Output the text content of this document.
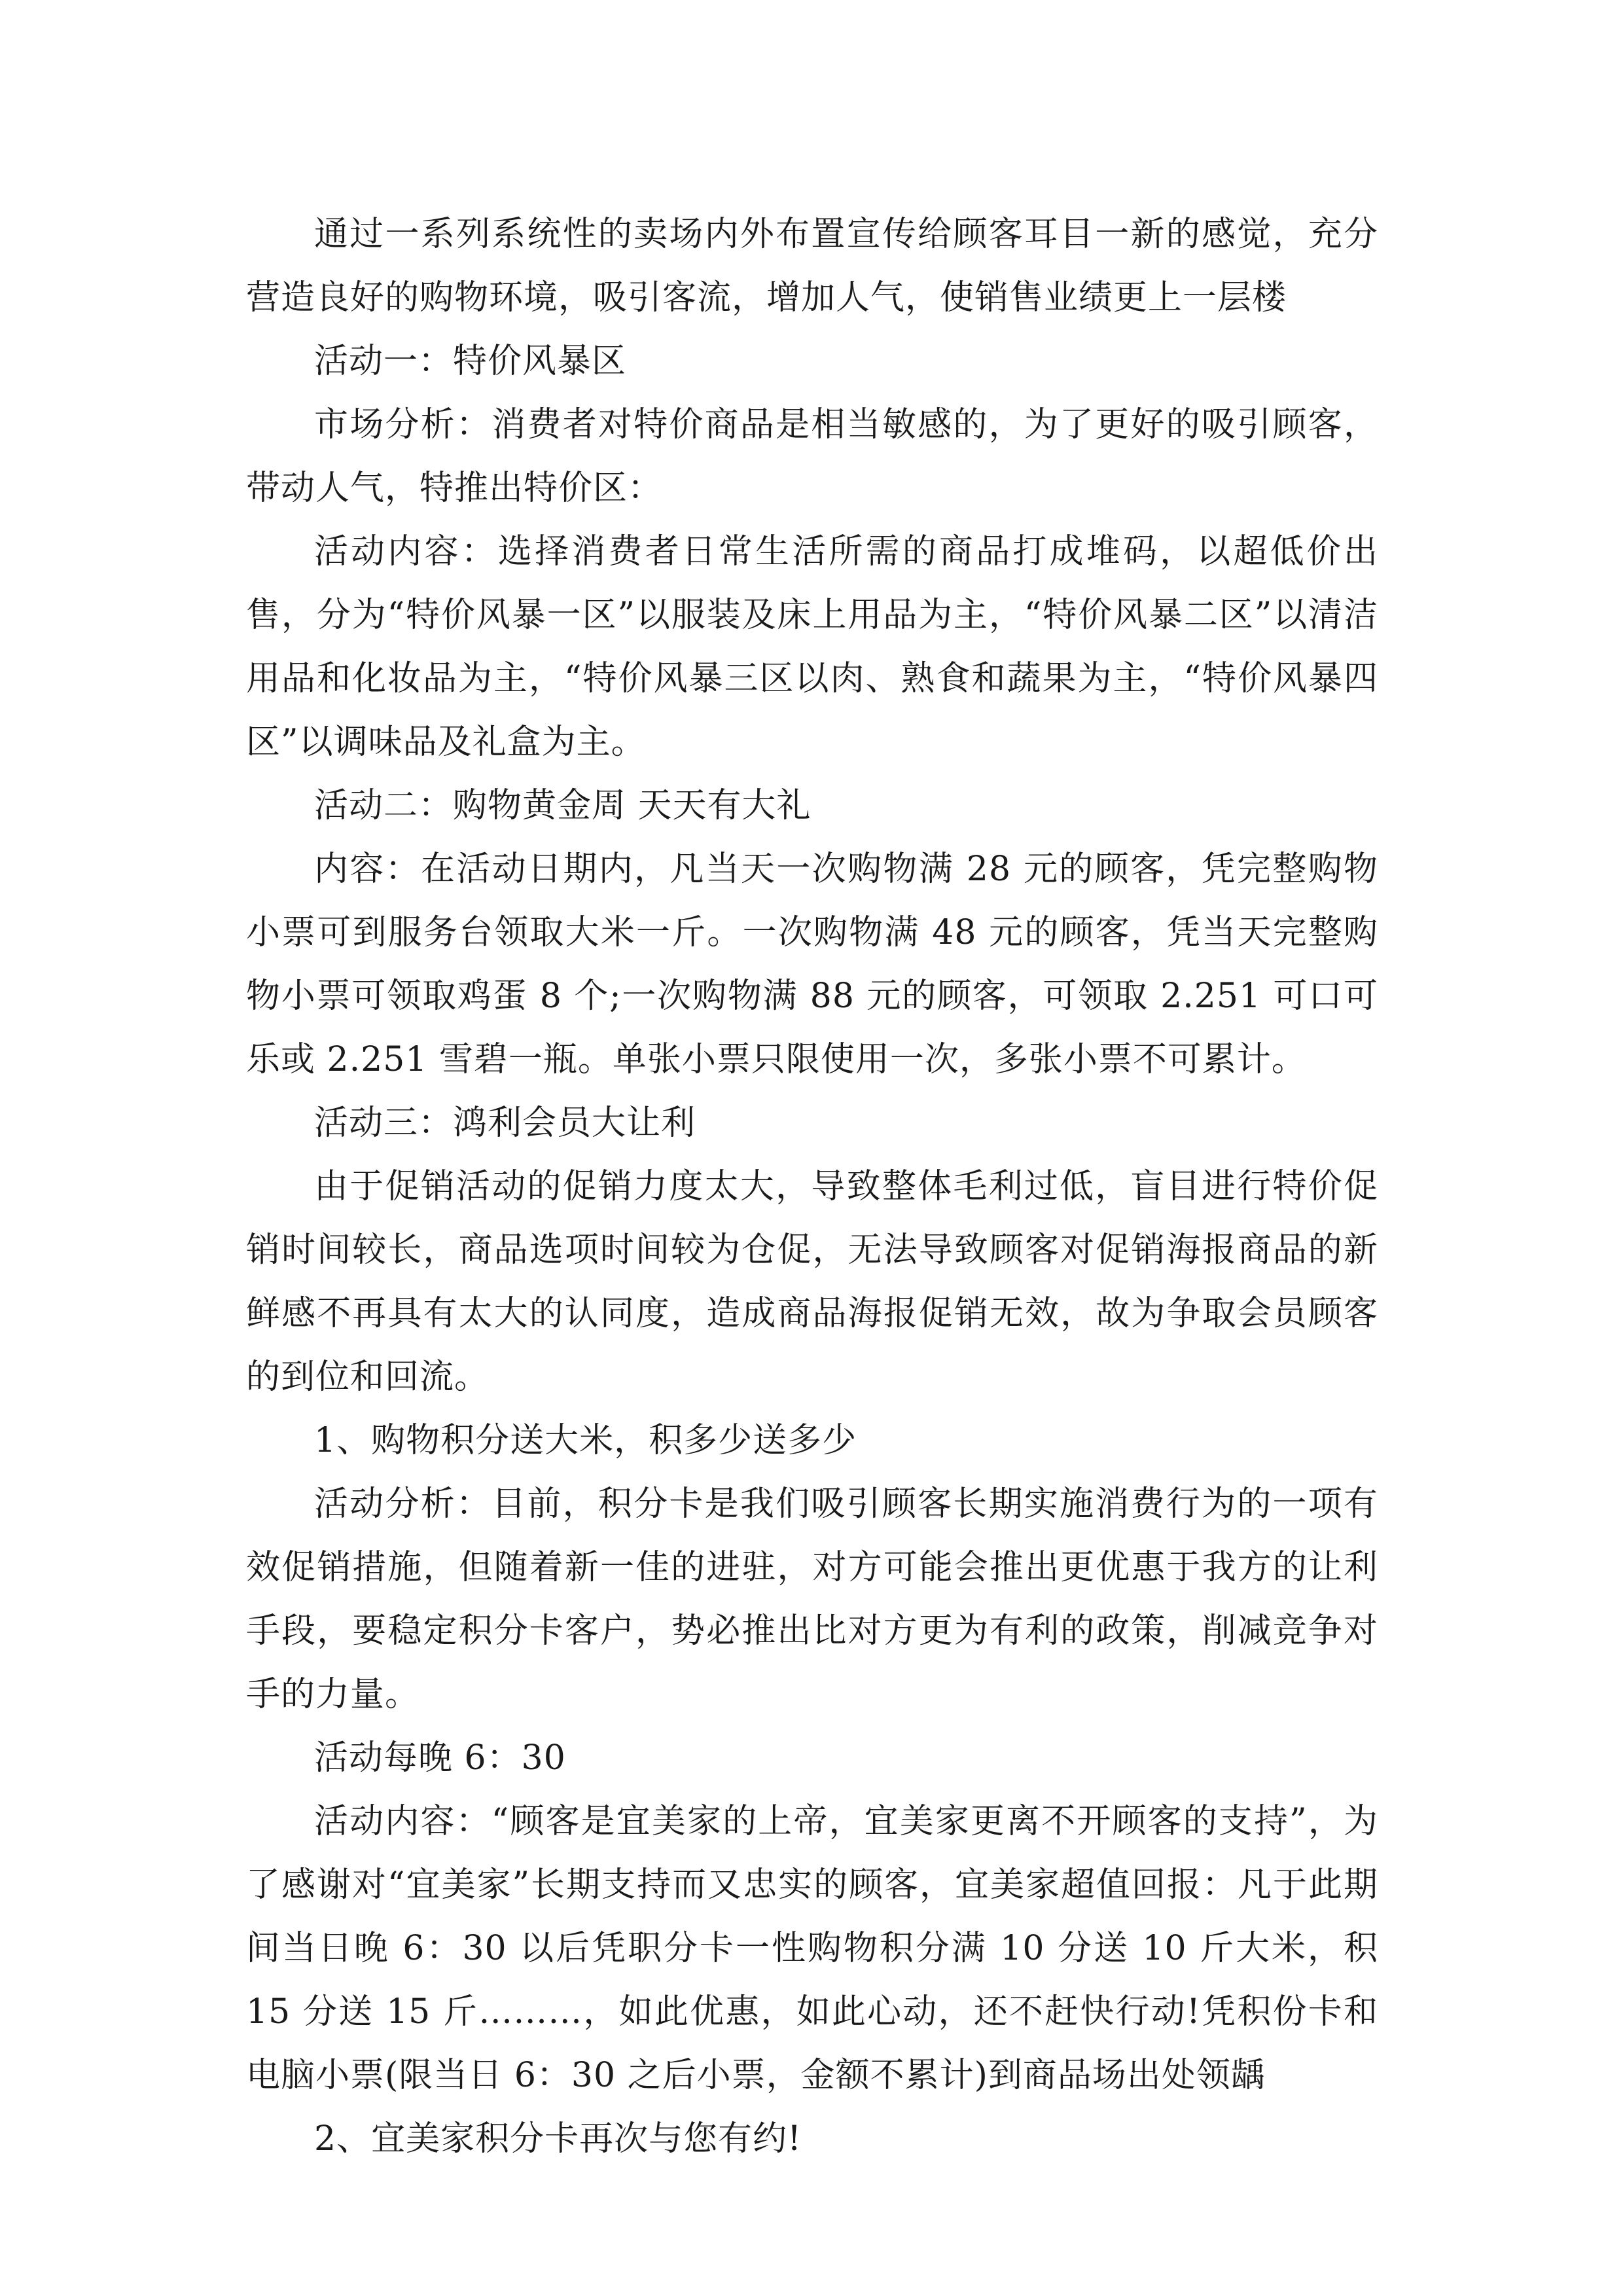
通过一系列系统性的卖场内外布置宣传给顾客耳目一新的感觉，充分营造良好的购物环境，吸引客流，增加人气，使销售业绩更上一层楼

活动一：特价风暴区

市场分析：消费者对特价商品是相当敏感的，为了更好的吸引顾客，带动人气，特推出特价区：

活动内容：选择消费者日常生活所需的商品打成堆码，以超低价出售，分为“特价风暴一区”以服装及床上用品为主，“特价风暴二区”以清洁用品和化妆品为主，“特价风暴三区以肉、熟食和蔬果为主，“特价风暴四区”以调味品及礼盒为主。

活动二：购物黄金周 天天有大礼

内容：在活动日期内，凡当天一次购物满 28 元的顾客，凭完整购物小票可到服务台领取大米一斤。一次购物满 48 元的顾客，凭当天完整购物小票可领取鸡蛋 8 个;一次购物满 88 元的顾客，可领取 2.251 可口可乐或 2.251 雪碧一瓶。单张小票只限使用一次，多张小票不可累计。

活动三：鸿利会员大让利

由于促销活动的促销力度太大，导致整体毛利过低，盲目进行特价促销时间较长，商品选项时间较为仓促，无法导致顾客对促销海报商品的新鲜感不再具有太大的认同度，造成商品海报促销无效，故为争取会员顾客的到位和回流。

1、购物积分送大米，积多少送多少

活动分析：目前，积分卡是我们吸引顾客长期实施消费行为的一项有效促销措施，但随着新一佳的进驻，对方可能会推出更优惠于我方的让利手段，要稳定积分卡客户，势必推出比对方更为有利的政策，削减竞争对手的力量。

活动每晚 6：30

活动内容：“顾客是宜美家的上帝，宜美家更离不开顾客的支持”，为了感谢对“宜美家”长期支持而又忠实的顾客，宜美家超值回报：凡于此期间当日晚 6：30 以后凭职分卡一性购物积分满 10 分送 10 斤大米，积 15 分送 15 斤………，如此优惠，如此心动，还不赶快行动!凭积份卡和电脑小票(限当日 6：30 之后小票，金额不累计)到商品场出处领龋

2、宜美家积分卡再次与您有约!
